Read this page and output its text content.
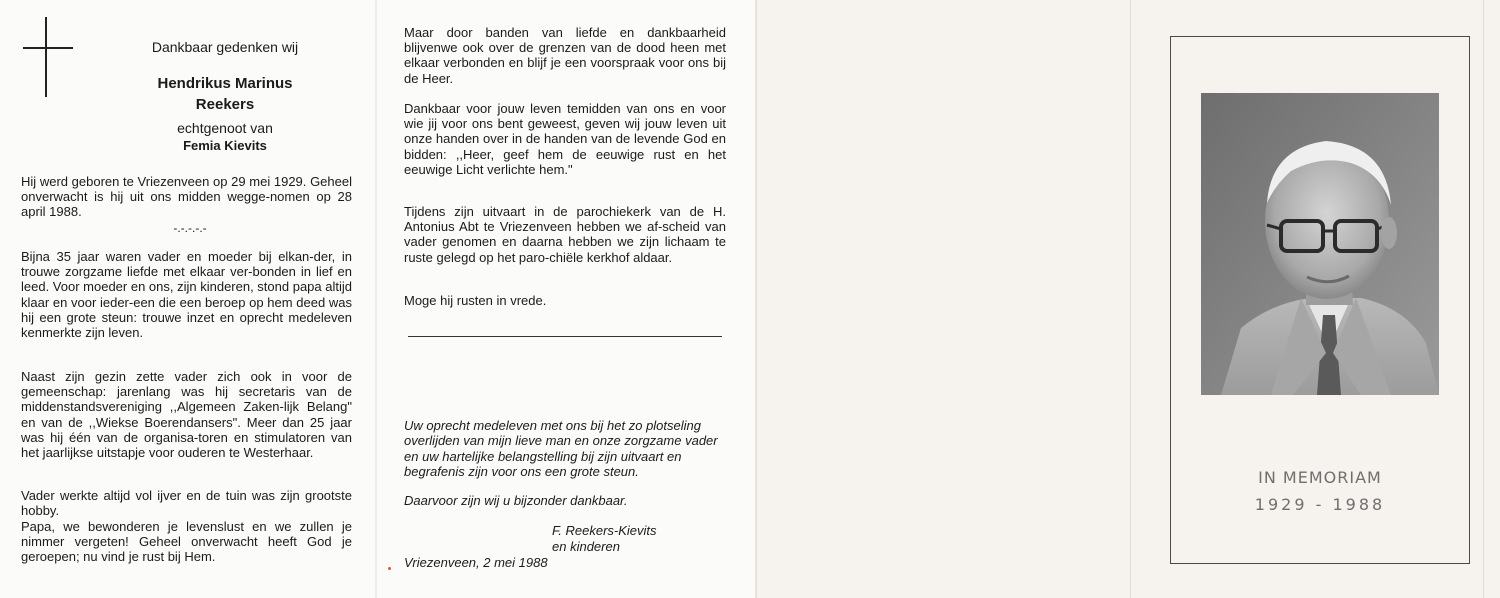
Dankbaar gedenken wij
Hendrikus Marinus
Reekers
echtgenoot van
Femia Kievits
Hij werd geboren te Vriezenveen op 29 mei 1929. Geheel onverwacht is hij uit ons midden wegge-nomen op 28 april 1988.
-.-.-.-.-
Bijna 35 jaar waren vader en moeder bij elkan-der, in trouwe zorgzame liefde met elkaar ver-bonden in lief en leed. Voor moeder en ons, zijn kinderen, stond papa altijd klaar en voor ieder-een die een beroep op hem deed was hij een grote steun: trouwe inzet en oprecht medeleven kenmerkte zijn leven.
Naast zijn gezin zette vader zich ook in voor de gemeenschap: jarenlang was hij secretaris van de middenstandsvereniging ,,Algemeen Zaken-lijk Belang" en van de ,,Wiekse Boerendansers". Meer dan 25 jaar was hij één van de organisa-toren en stimulatoren van het jaarlijkse uitstapje voor ouderen te Westerhaar.
Vader werkte altijd vol ijver en de tuin was zijn grootste hobby.
Papa, we bewonderen je levenslust en we zullen je nimmer vergeten! Geheel onverwacht heeft God je geroepen; nu vind je rust bij Hem.
Maar door banden van liefde en dankbaarheid blijvenwe ook over de grenzen van de dood heen met elkaar verbonden en blijf je een voorspraak voor ons bij de Heer.
Dankbaar voor jouw leven temidden van ons en voor wie jij voor ons bent geweest, geven wij jouw leven uit onze handen over in de handen van de levende God en bidden: ,,Heer, geef hem de eeuwige rust en het eeuwige Licht verlichte hem."
Tijdens zijn uitvaart in de parochiekerk van de H. Antonius Abt te Vriezenveen hebben we af-scheid van vader genomen en daarna hebben we zijn lichaam te ruste gelegd op het paro-chiële kerkhof aldaar.
Moge hij rusten in vrede.
Uw oprecht medeleven met ons bij het zo plotseling overlijden van mijn lieve man en onze zorgzame vader en uw hartelijke belangstelling bij zijn uitvaart en begrafenis zijn voor ons een grote steun.
Daarvoor zijn wij u bijzonder dankbaar.
F. Reekers-Kievits
en kinderen
Vriezenveen, 2 mei 1988
IN MEMORIAM
1929 - 1988
